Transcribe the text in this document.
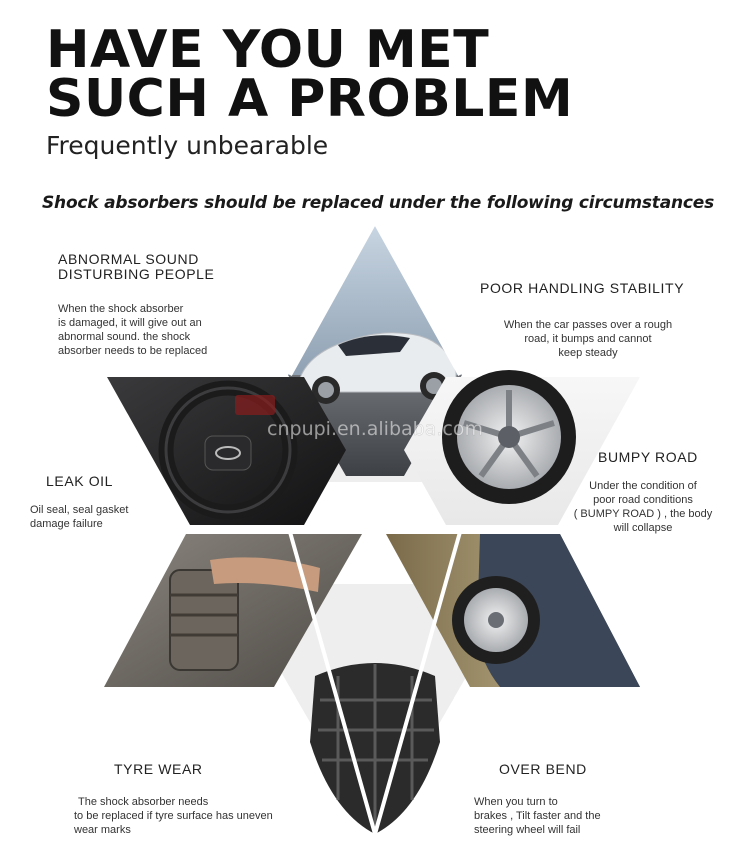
HAVE YOU MET
SUCH A PROBLEM
Frequently unbearable
Shock absorbers should be replaced under the following circumstances
cnpupi.en.alibaba.com
ABNORMAL SOUND
DISTURBING PEOPLE
When the shock absorber
is damaged, it will give out an
abnormal sound. the shock
absorber needs to be replaced
POOR HANDLING STABILITY
When the car passes over a rough
road, it bumps and cannot
keep steady
LEAK OIL
Oil seal, seal gasket
damage failure
BUMPY ROAD
Under the condition of
poor road conditions
( BUMPY ROAD ) , the body
will collapse
TYRE WEAR
The shock absorber needs
to be replaced if tyre surface has uneven
wear marks
OVER BEND
When you turn to
brakes , Tilt faster and the
steering wheel will fail
